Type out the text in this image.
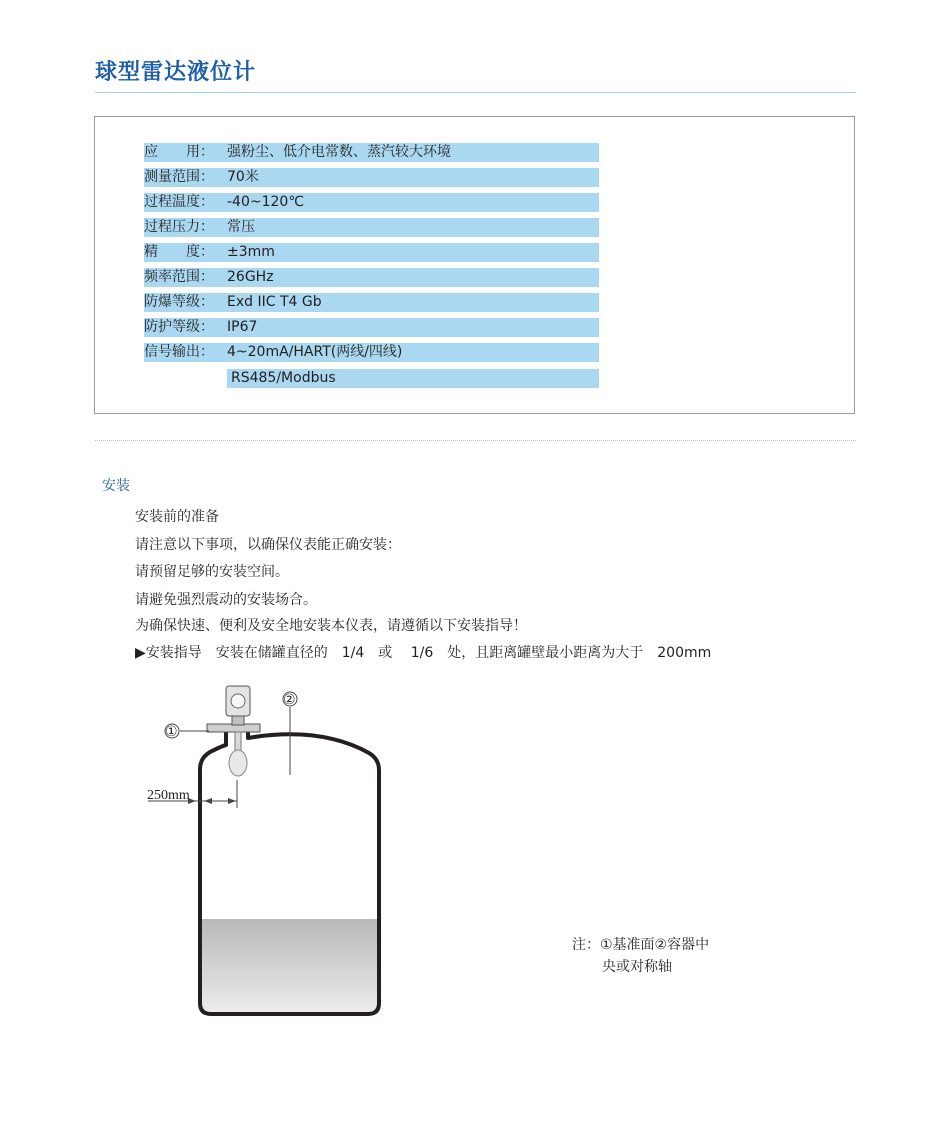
球型雷达液位计
应　　用： 强粉尘、低介电常数、蒸汽较大环境
测量范围： 70米
过程温度： -40~120℃
过程压力： 常压
精　　度： ±3mm
频率范围： 26GHz
防爆等级： Exd IIC T4 Gb
防护等级： IP67
信号输出： 4~20mA/HART(两线/四线)
RS485/Modbus
安装
安装前的准备
请注意以下事项，以确保仪表能正确安装：
请预留足够的安装空间。
请避免强烈震动的安装场合。
为确保快速、便利及安全地安装本仪表，请遵循以下安装指导！
▶安装指导　安装在储罐直径的　1/4　或　 1/6　处，且距离罐壁最小距离为大于　200mm
①
②
250mm
注：①基准面②容器中
央或对称轴
